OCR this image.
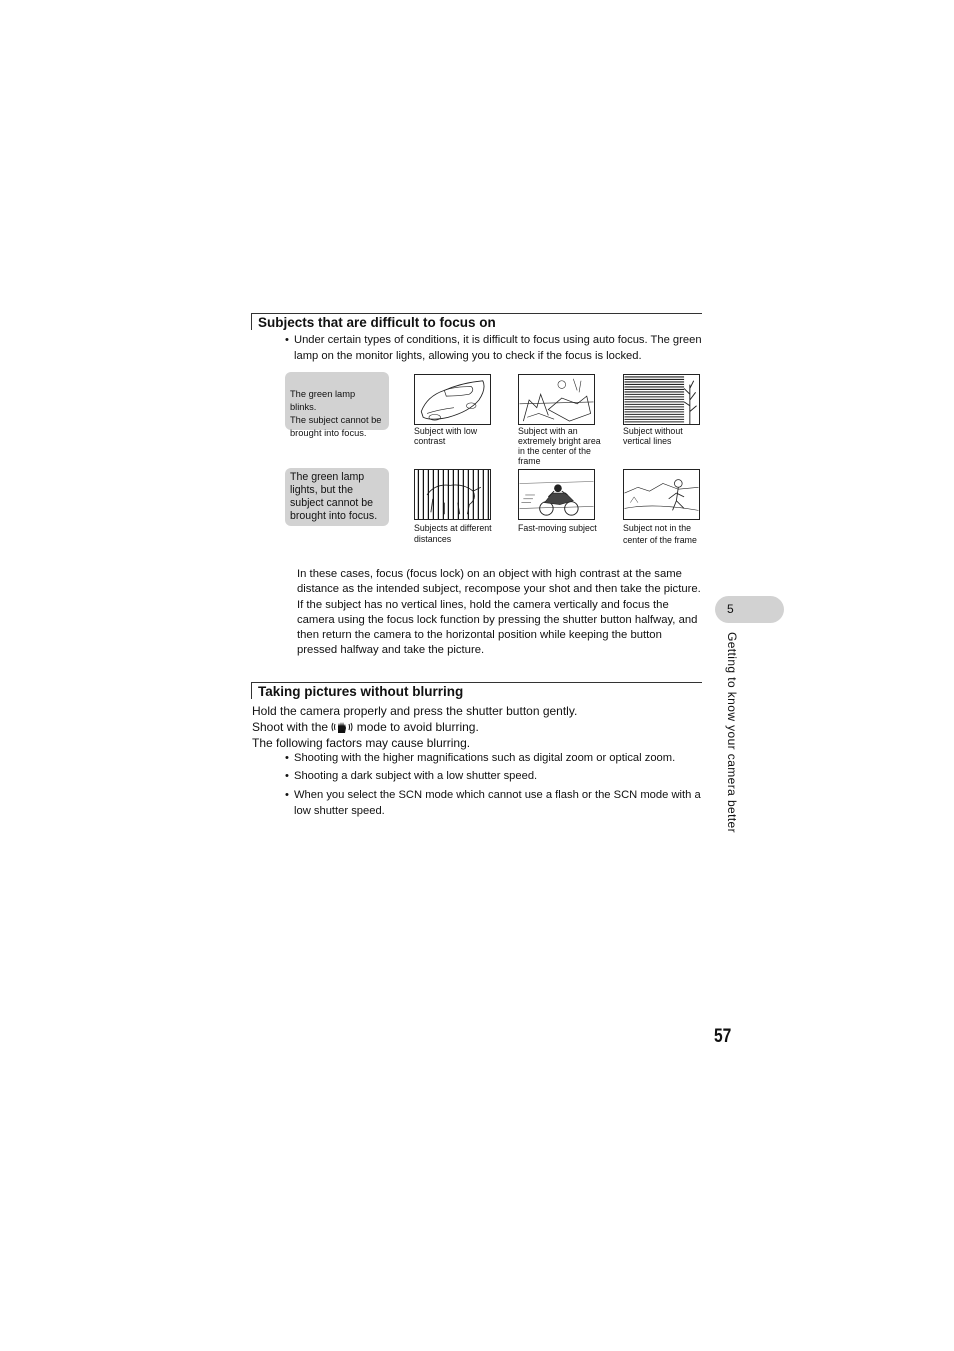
Subjects that are difficult to focus on
• Under certain types of conditions, it is difficult to focus using auto focus. The green lamp on the monitor lights, allowing you to check if the focus is locked.

The green lamp blinks.
The subject cannot be brought into focus.	Subject with low contrast
Subject with an extremely bright area in the center of the frame
Subject without vertical lines
The green lamp lights, but the subject cannot be brought into focus.
Subjects at different distances
Fast-moving subject	Subject not in the center of the frame
In these cases, focus (focus lock) on an object with high contrast at the same distance as the intended subject, recompose your shot and then take the picture. If the subject has no vertical lines, hold the camera vertically and focus the camera using the focus lock function by pressing the shutter button halfway, and then return the camera to the horizontal position while keeping the button pressed halfway and take the picture.
Taking pictures without blurring
Hold the camera properly and press the shutter button gently.
Shoot with the mode to avoid blurring.
The following factors may cause blurring.
• Shooting with the higher magnifications such as digital zoom or optical zoom.
• Shooting a dark subject with a low shutter speed.
• When you select the SCN mode which cannot use a flash or the SCN mode with a low shutter speed.
5
Getting to know your camera better
57
